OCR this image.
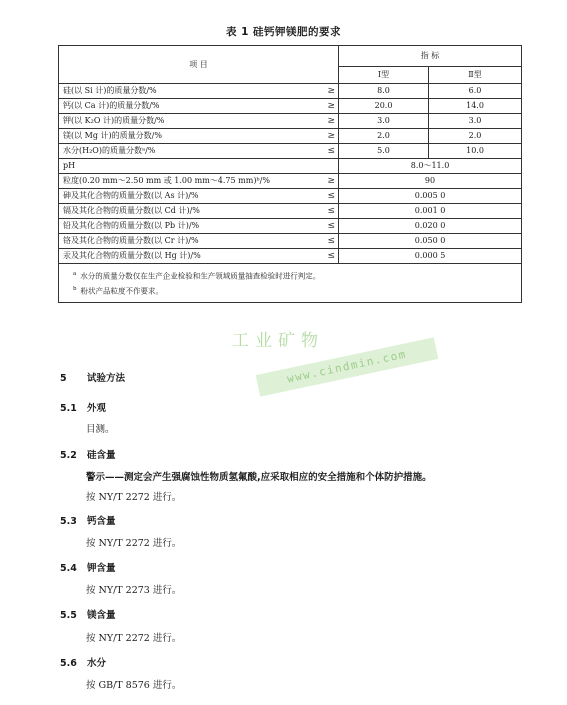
表 1 硅钙钾镁肥的要求
项 目		指 标	
		Ⅰ型	Ⅱ型
硅(以 Si 计)的质量分数/%	≥	8.0	6.0
钙(以 Ca 计)的质量分数/%	≥	20.0	14.0
钾(以 K₂O 计)的质量分数/%	≥	3.0	3.0
镁(以 Mg 计)的质量分数/%	≥	2.0	2.0
水分(H₂O)的质量分数ᵃ/%	≤	5.0	10.0
pH		8.0～11.0	
粒度(0.20 mm～2.50 mm 或 1.00 mm～4.75 mm)ᵇ/%	≥	90	
砷及其化合物的质量分数(以 As 计)/%	≤	0.005 0	
镉及其化合物的质量分数(以 Cd 计)/%	≤	0.001 0	
铅及其化合物的质量分数(以 Pb 计)/%	≤	0.020 0	
铬及其化合物的质量分数(以 Cr 计)/%	≤	0.050 0	
汞及其化合物的质量分数(以 Hg 计)/%	≤	0.000 5	

$^a$ 水分的质量分数仅在生产企业检验和生产领域质量抽查检验时进行判定。
$^b$ 粉状产品粒度不作要求。			
工业矿物
www.cindmin.com
5 试验方法
5.1 外观
目测。
5.2 硅含量
警示——测定会产生强腐蚀性物质氢氟酸,应采取相应的安全措施和个体防护措施。
按 NY/T 2272 进行。
5.3 钙含量
按 NY/T 2272 进行。
5.4 钾含量
按 NY/T 2273 进行。
5.5 镁含量
按 NY/T 2272 进行。
5.6 水分
按 GB/T 8576 进行。
